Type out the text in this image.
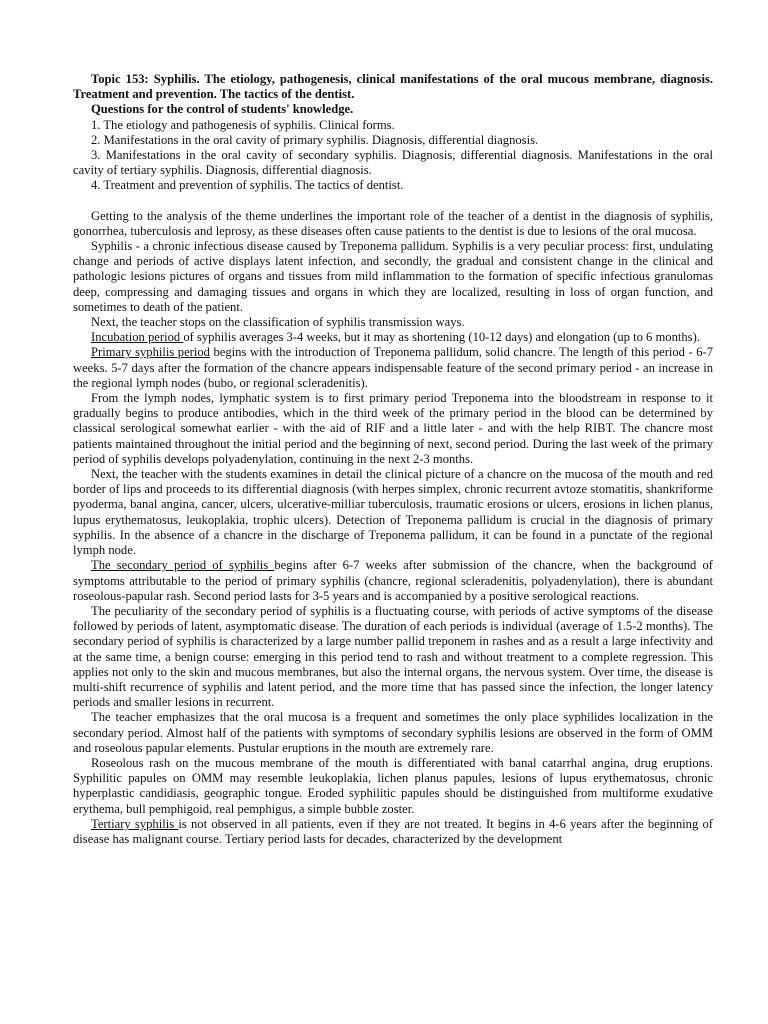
Topic 153: Syphilis. The etiology, pathogenesis, clinical manifestations of the oral mucous membrane, diagnosis. Treatment and prevention. The tactics of the dentist.

Questions for the control of students' knowledge.

1. The etiology and pathogenesis of syphilis. Clinical forms.

2. Manifestations in the oral cavity of primary syphilis. Diagnosis, differential diagnosis.

3. Manifestations in the oral cavity of secondary syphilis. Diagnosis, differential diagnosis. Manifestations in the oral cavity of tertiary syphilis. Diagnosis, differential diagnosis.

4. Treatment and prevention of syphilis. The tactics of dentist.

Getting to the analysis of the theme underlines the important role of the teacher of a dentist in the diagnosis of syphilis, gonorrhea, tuberculosis and leprosy, as these diseases often cause patients to the dentist is due to lesions of the oral mucosa.

Syphilis - a chronic infectious disease caused by Treponema pallidum. Syphilis is a very peculiar process: first, undulating change and periods of active displays latent infection, and secondly, the gradual and consistent change in the clinical and pathologic lesions pictures of organs and tissues from mild inflammation to the formation of specific infectious granulomas deep, compressing and damaging tissues and organs in which they are localized, resulting in loss of organ function, and sometimes to death of the patient.

Next, the teacher stops on the classification of syphilis transmission ways.

Incubation period of syphilis averages 3-4 weeks, but it may as shortening (10-12 days) and elongation (up to 6 months).

Primary syphilis period begins with the introduction of Treponema pallidum, solid chancre. The length of this period - 6-7 weeks. 5-7 days after the formation of the chancre appears indispensable feature of the second primary period - an increase in the regional lymph nodes (bubo, or regional scleradenitis).

From the lymph nodes, lymphatic system is to first primary period Treponema into the bloodstream in response to it gradually begins to produce antibodies, which in the third week of the primary period in the blood can be determined by classical serological somewhat earlier - with the aid of RIF and a little later - and with the help RIBT. The chancre most patients maintained throughout the initial period and the beginning of next, second period. During the last week of the primary period of syphilis develops polyadenylation, continuing in the next 2-3 months.

Next, the teacher with the students examines in detail the clinical picture of a chancre on the mucosa of the mouth and red border of lips and proceeds to its differential diagnosis (with herpes simplex, chronic recurrent avtoze stomatitis, shankriforme pyoderma, banal angina, cancer, ulcers, ulcerative-milliar tuberculosis, traumatic erosions or ulcers, erosions in lichen planus, lupus erythematosus, leukoplakia, trophic ulcers). Detection of Treponema pallidum is crucial in the diagnosis of primary syphilis. In the absence of a chancre in the discharge of Treponema pallidum, it can be found in a punctate of the regional lymph node.

The secondary period of syphilis begins after 6-7 weeks after submission of the chancre, when the background of symptoms attributable to the period of primary syphilis (chancre, regional scleradenitis, polyadenylation), there is abundant roseolous-papular rash. Second period lasts for 3-5 years and is accompanied by a positive serological reactions.

The peculiarity of the secondary period of syphilis is a fluctuating course, with periods of active symptoms of the disease followed by periods of latent, asymptomatic disease. The duration of each periods is individual (average of 1.5-2 months). The secondary period of syphilis is characterized by a large number pallid treponem in rashes and as a result a large infectivity and at the same time, a benign course: emerging in this period tend to rash and without treatment to a complete regression. This applies not only to the skin and mucous membranes, but also the internal organs, the nervous system. Over time, the disease is multi-shift recurrence of syphilis and latent period, and the more time that has passed since the infection, the longer latency periods and smaller lesions in recurrent.

The teacher emphasizes that the oral mucosa is a frequent and sometimes the only place syphilides localization in the secondary period. Almost half of the patients with symptoms of secondary syphilis lesions are observed in the form of OMM and roseolous papular elements. Pustular eruptions in the mouth are extremely rare.

Roseolous rash on the mucous membrane of the mouth is differentiated with banal catarrhal angina, drug eruptions. Syphilitic papules on OMM may resemble leukoplakia, lichen planus papules, lesions of lupus erythematosus, chronic hyperplastic candidiasis, geographic tongue. Eroded syphilitic papules should be distinguished from multiforme exudative erythema, bull pemphigoid, real pemphigus, a simple bubble zoster.

Tertiary syphilis is not observed in all patients, even if they are not treated. It begins in 4-6 years after the beginning of disease has malignant course. Tertiary period lasts for decades, characterized by the development
